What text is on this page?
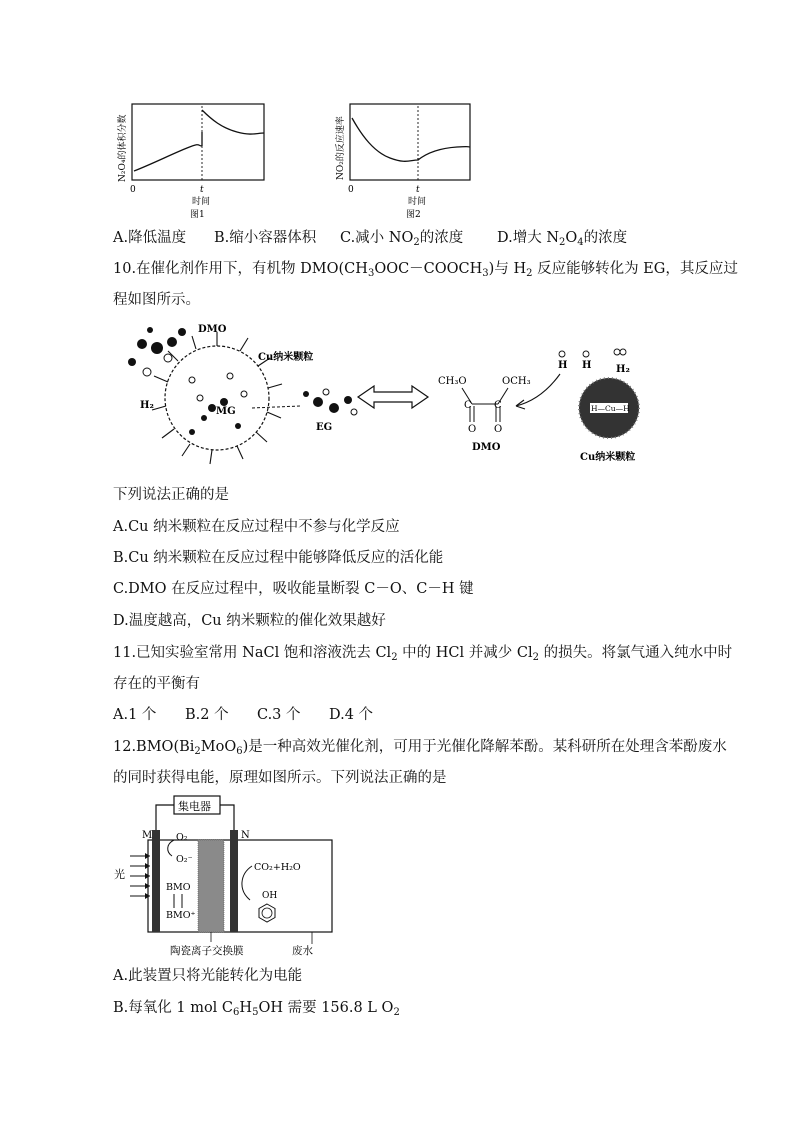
N₂O₄的体积分数
0	t
时间
图1
NO₂的反应速率
0	t
时间
图2
A.降低温度 B.缩小容器体积 C.减小 $NO_2$的浓度 D.增大 $N_2O_4$的浓度
10.在催化剂作用下，有机物 $DMO(CH_3OOC-COOCH_3)$与 $H_2$ 反应能够转化为 EG，其反应过
程如图所示。
DMO
Cu纳米颗粒
H₂
MG
EG
CH₃O	OCH₃
C C
O O
DMO
H—Cu—H
H H H₂
Cu纳米颗粒
下列说法正确的是
A.Cu 纳米颗粒在反应过程中不参与化学反应
B.Cu 纳米颗粒在反应过程中能够降低反应的活化能
C.DMO 在反应过程中，吸收能量断裂 C－O、C－H 键
D.温度越高，Cu 纳米颗粒的催化效果越好
11.已知实验室常用 NaCl 饱和溶液洗去 $Cl_2$ 中的 HCl 并减少 $Cl_2$ 的损失。将氯气通入纯水中时
存在的平衡有
A.1 个 B.2 个 C.3 个 D.4 个
$12.BMO(Bi_2MoO_6)$是一种高效光催化剂，可用于光催化降解苯酚。某科研所在处理含苯酚废水
的同时获得电能，原理如图所示。下列说法正确的是
集电器
M	N
光
O₂
O₂⁻
BMO
BMO⁺
CO₂+H₂O
OH
陶瓷离子交换膜	废水
A.此装置只将光能转化为电能
B.每氧化 1 mol $C_6H_5OH$ 需要 156.8 L $O_2$
